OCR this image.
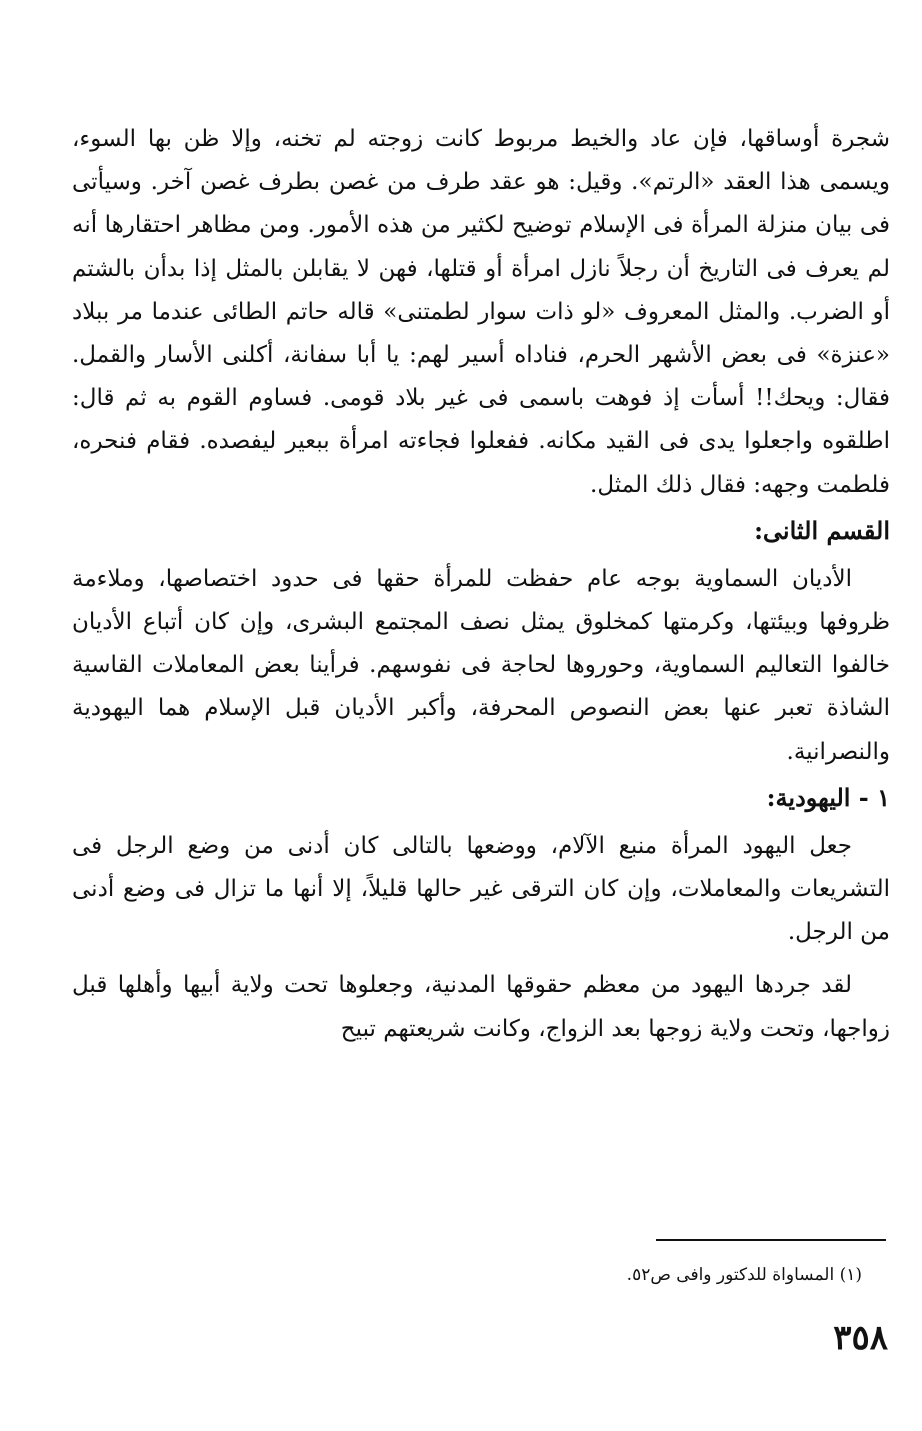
شجرة أوساقها، فإن عاد والخيط مربوط كانت زوجته لم تخنه، وإلا ظن بها السوء، ويسمى هذا العقد «الرتم». وقيل: هو عقد طرف من غصن بطرف غصن آخر. وسيأتى فى بيان منزلة المرأة فى الإسلام توضيح لكثير من هذه الأمور. ومن مظاهر احتقارها أنه لم يعرف فى التاريخ أن رجلاً نازل امرأة أو قتلها، فهن لا يقابلن بالمثل إذا بدأن بالشتم أو الضرب. والمثل المعروف «لو ذات سوار لطمتنى» قاله حاتم الطائى عندما مر ببلاد «عنزة» فى بعض الأشهر الحرم، فناداه أسير لهم: يا أبا سفانة، أكلنى الأسار والقمل. فقال: ويحك!! أسأت إذ فوهت باسمى فى غير بلاد قومى. فساوم القوم به ثم قال: اطلقوه واجعلوا يدى فى القيد مكانه. ففعلوا فجاءته امرأة ببعير ليفصده. فقام فنحره، فلطمت وجهه: فقال ذلك المثل.

القسم الثانى:

الأديان السماوية بوجه عام حفظت للمرأة حقها فى حدود اختصاصها، وملاءمة ظروفها وبيئتها، وكرمتها كمخلوق يمثل نصف المجتمع البشرى، وإن كان أتباع الأديان خالفوا التعاليم السماوية، وحوروها لحاجة فى نفوسهم. فرأينا بعض المعاملات القاسية الشاذة تعبر عنها بعض النصوص المحرفة، وأكبر الأديان قبل الإسلام هما اليهودية والنصرانية.

١ - اليهودية:

جعل اليهود المرأة منبع الآلام، ووضعها بالتالى كان أدنى من وضع الرجل فى التشريعات والمعاملات، وإن كان الترقى غير حالها قليلاً، إلا أنها ما تزال فى وضع أدنى من الرجل.

لقد جردها اليهود من معظم حقوقها المدنية، وجعلوها تحت ولاية أبيها وأهلها قبل زواجها، وتحت ولاية زوجها بعد الزواج، وكانت شريعتهم تبيح

(١) المساواة للدكتور وافى ص٥٢.
٣٥٨
